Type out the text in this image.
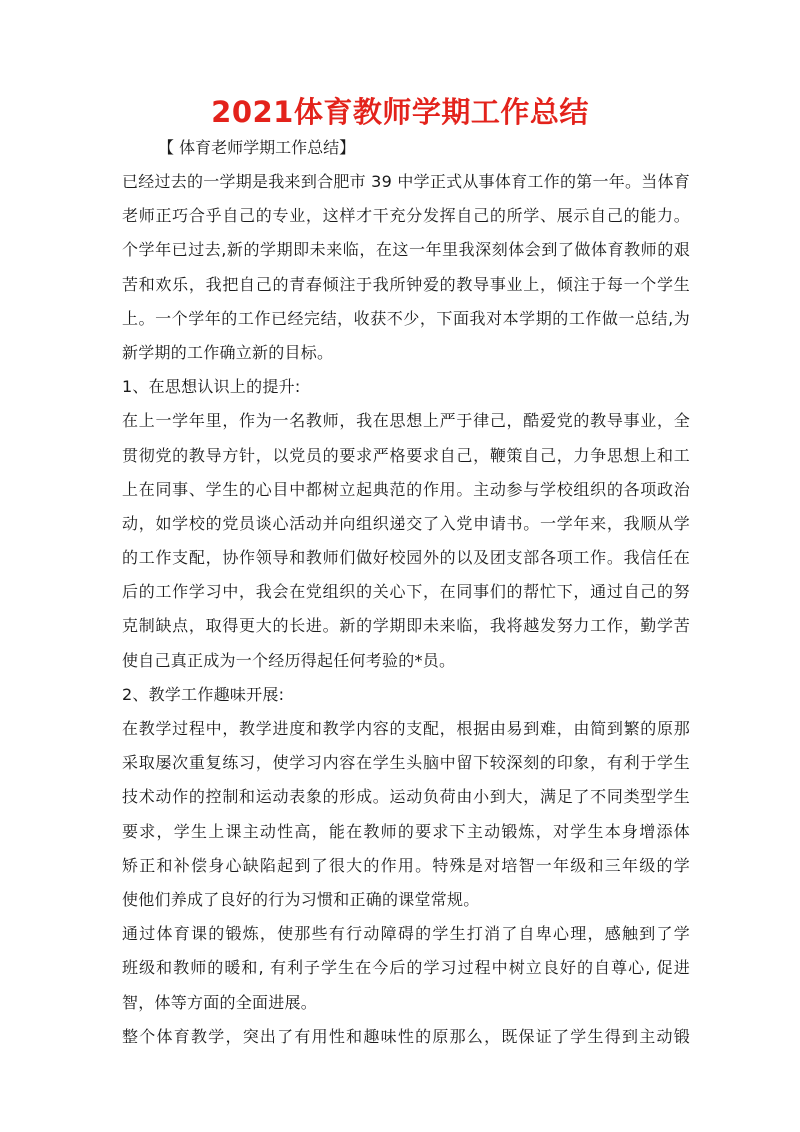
2021体育教师学期工作总结
【 体育老师学期工作总结】
已经过去的一学期是我来到合肥市 39 中学正式从事体育工作的第一年。当体育
老师正巧合乎自己的专业，这样才干充分发挥自己的所学、展示自己的能力。
个学年已过去,新的学期即未来临，在这一年里我深刻体会到了做体育教师的艰
苦和欢乐，我把自己的青春倾注于我所钟爱的教导事业上，倾注于每一个学生
上。一个学年的工作已经完结，收获不少，下面我对本学期的工作做一总结,为
新学期的工作确立新的目标。
1、在思想认识上的提升:
在上一学年里，作为一名教师，我在思想上严于律己，酷爱党的教导事业，全
贯彻党的教导方针，以党员的要求严格要求自己，鞭策自己，力争思想上和工
上在同事、学生的心目中都树立起典范的作用。主动参与学校组织的各项政治
动，如学校的党员谈心活动并向组织递交了入党申请书。一学年来，我顺从学
的工作支配，协作领导和教师们做好校园外的以及团支部各项工作。我信任在
后的工作学习中，我会在党组织的关心下，在同事们的帮忙下，通过自己的努
克制缺点，取得更大的长进。新的学期即未来临，我将越发努力工作，勤学苦
使自己真正成为一个经历得起任何考验的*员。
2、教学工作趣味开展:
在教学过程中，教学进度和教学内容的支配，根据由易到难，由简到繁的原那
采取屡次重复练习，使学习内容在学生头脑中留下较深刻的印象，有利于学生
技术动作的控制和运动表象的形成。运动负荷由小到大，满足了不同类型学生
要求，学生上课主动性高，能在教师的要求下主动锻炼，对学生本身增添体
矫正和补偿身心缺陷起到了很大的作用。特殊是对培智一年级和三年级的学
使他们养成了良好的行为习惯和正确的课堂常规。
通过体育课的锻炼，使那些有行动障碍的学生打消了自卑心理，感触到了学
班级和教师的暖和, 有利子学生在今后的学习过程中树立良好的自尊心, 促进
智，体等方面的全面进展。
整个体育教学，突出了有用性和趣味性的原那么，既保证了学生得到主动锻
